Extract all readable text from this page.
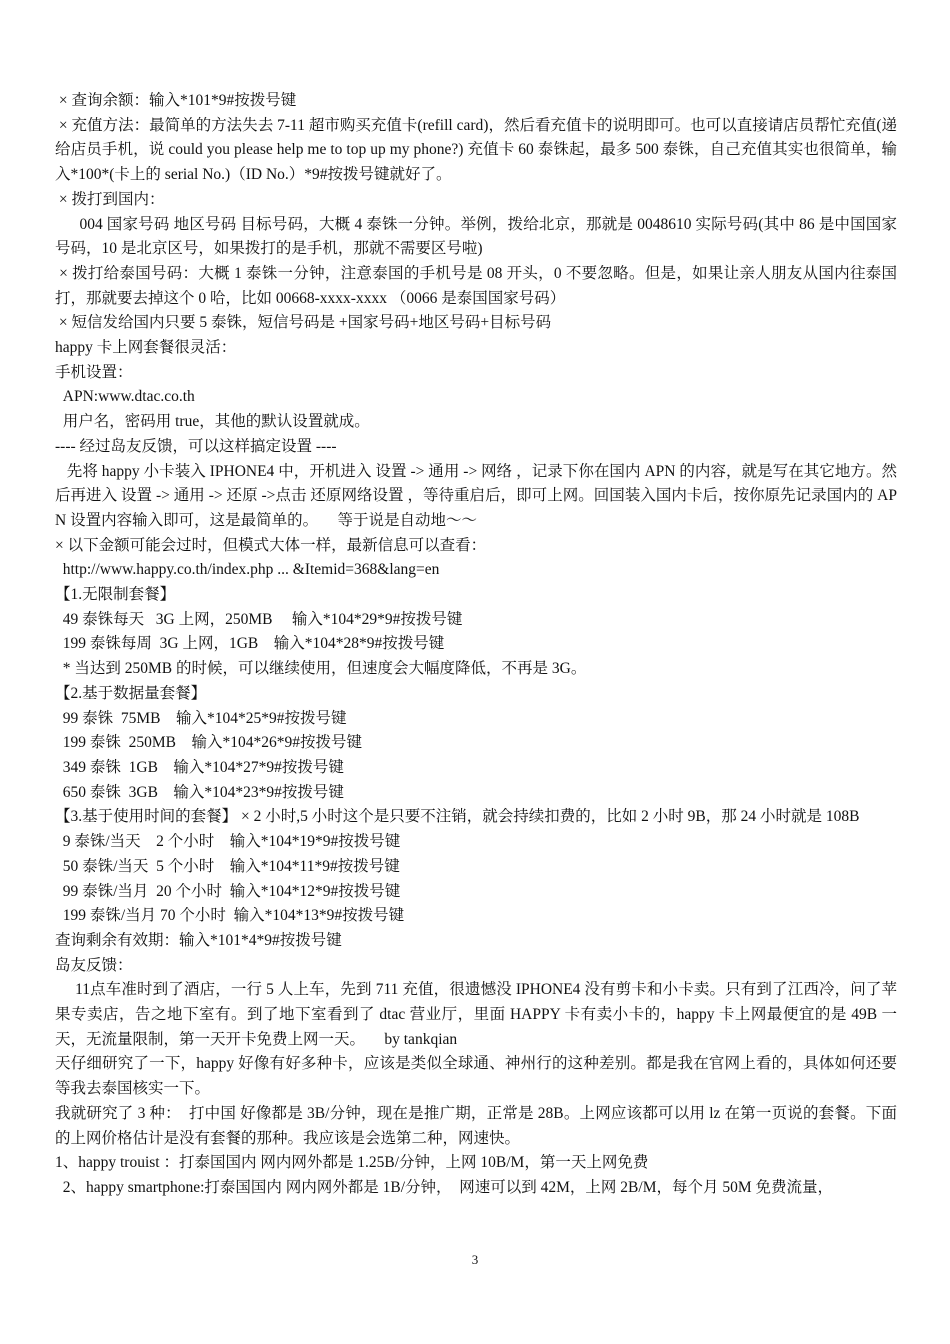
× 查询余额：输入*101*9#按拨号键

× 充值方法：最简单的方法失去 7-11 超市购买充值卡(refill card)，然后看充值卡的说明即可。也可以直接请店员帮忙充值(递给店员手机，说 could you please help me to top up my phone?) 充值卡 60 泰铢起，最多 500 泰铢，自己充值其实也很简单，输入*100*(卡上的 serial No.)（ID No.）*9#按拨号键就好了。

× 拨打到国内：

004 国家号码 地区号码 目标号码，大概 4 泰铢一分钟。举例，拨给北京，那就是 0048610 实际号码(其中 86 是中国国家号码，10 是北京区号，如果拨打的是手机，那就不需要区号啦)

× 拨打给泰国号码：大概 1 泰铢一分钟，注意泰国的手机号是 08 开头，0 不要忽略。但是，如果让亲人朋友从国内往泰国打，那就要去掉这个 0 哈，比如 00668-xxxx-xxxx （0066 是泰国国家号码）

× 短信发给国内只要 5 泰铢，短信号码是 +国家号码+地区号码+目标号码

happy 卡上网套餐很灵活：

手机设置：

APN:www.dtac.co.th

用户名，密码用 true，其他的默认设置就成。

---- 经过岛友反馈，可以这样搞定设置 ----

先将 happy 小卡装入 IPHONE4 中，开机进入 设置 -> 通用 -> 网络 ，记录下你在国内 APN 的内容，就是写在其它地方。然后再进入 设置 -> 通用 -> 还原 ->点击 还原网络设置 ，等待重启后，即可上网。回国装入国内卡后，按你原先记录国内的 APN 设置内容输入即可，这是最简单的。     等于说是自动地～～

× 以下金额可能会过时，但模式大体一样，最新信息可以查看：

http://www.happy.co.th/index.php ... &Itemid=368&lang=en

【1.无限制套餐】

49 泰铢每天   3G 上网，250MB     输入*104*29*9#按拨号键

199 泰铢每周  3G 上网，1GB    输入*104*28*9#按拨号键

* 当达到 250MB 的时候，可以继续使用，但速度会大幅度降低，不再是 3G。

【2.基于数据量套餐】

99 泰铢  75MB    输入*104*25*9#按拨号键

199 泰铢  250MB    输入*104*26*9#按拨号键

349 泰铢  1GB    输入*104*27*9#按拨号键

650 泰铢  3GB    输入*104*23*9#按拨号键

【3.基于使用时间的套餐】 × 2 小时,5 小时这个是只要不注销，就会持续扣费的，比如 2 小时 9B，那 24 小时就是 108B

9 泰铢/当天    2 个小时    输入*104*19*9#按拨号键

50 泰铢/当天  5 个小时    输入*104*11*9#按拨号键

99 泰铢/当月  20 个小时  输入*104*12*9#按拨号键

199 泰铢/当月 70 个小时  输入*104*13*9#按拨号键

查询剩余有效期：输入*101*4*9#按拨号键

岛友反馈：

11点车准时到了酒店，一行 5 人上车，先到 711 充值，很遗憾没 IPHONE4 没有剪卡和小卡卖。只有到了江西冷，问了苹果专卖店，告之地下室有。到了地下室看到了 dtac 营业厅，里面 HAPPY 卡有卖小卡的，happy 卡上网最便宜的是 49B 一天，无流量限制，第一天开卡免费上网一天。     by tankqian

天仔细研究了一下，happy 好像有好多种卡，应该是类似全球通、神州行的这种差别。都是我在官网上看的，具体如何还要等我去泰国核实一下。

我就研究了 3 种：  打中国 好像都是 3B/分钟，现在是推广期，正常是 28B。上网应该都可以用 lz 在第一页说的套餐。下面的上网价格估计是没有套餐的那种。我应该是会选第二种，网速快。

1、happy trouist ：打泰国国内 网内网外都是 1.25B/分钟，上网 10B/M，第一天上网免费

2、happy smartphone:打泰国国内 网内网外都是 1B/分钟，  网速可以到 42M，上网 2B/M，每个月 50M 免费流量，

3
